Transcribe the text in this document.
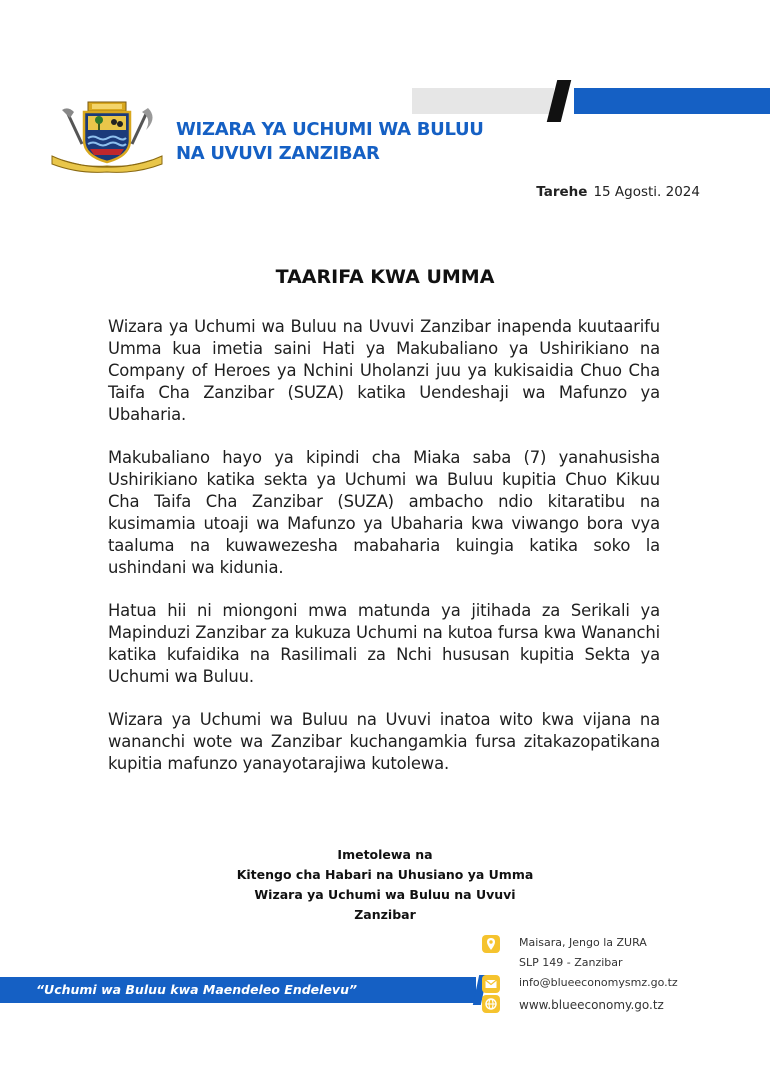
WIZARA YA UCHUMI WA BULUU
NA UVUVI ZANZIBAR
Tarehe 15 Agosti. 2024
TAARIFA KWA UMMA

Wizara ya Uchumi wa Buluu na Uvuvi Zanzibar inapenda kuutaarifu Umma kua imetia saini Hati ya Makubaliano ya Ushirikiano na Company of Heroes ya Nchini Uholanzi juu ya kukisaidia Chuo Cha Taifa Cha Zanzibar (SUZA) katika Uendeshaji wa Mafunzo ya Ubaharia.

Makubaliano hayo ya kipindi cha Miaka saba (7) yanahusisha Ushirikiano katika sekta ya Uchumi wa Buluu kupitia Chuo Kikuu Cha Taifa Cha Zanzibar (SUZA) ambacho ndio kitaratibu na kusimamia utoaji wa Mafunzo ya Ubaharia kwa viwango bora vya taaluma na kuwawezesha mabaharia kuingia katika soko la ushindani wa kidunia.

Hatua hii ni miongoni mwa matunda ya jitihada za Serikali ya Mapinduzi Zanzibar za kukuza Uchumi na kutoa fursa kwa Wananchi katika kufaidika na Rasilimali za Nchi hususan kupitia Sekta ya Uchumi wa Buluu.

Wizara ya Uchumi wa Buluu na Uvuvi inatoa wito kwa vijana na wananchi wote wa Zanzibar kuchangamkia fursa zitakazopatikana kupitia mafunzo yanayotarajiwa kutolewa.

Imetolewa na
Kitengo cha Habari na Uhusiano ya Umma
Wizara ya Uchumi wa Buluu na Uvuvi
Zanzibar
“Uchumi wa Buluu kwa Maendeleo Endelevu”
Maisara, Jengo la ZURA
SLP 149 - Zanzibar
info@blueeconomysmz.go.tz
www.blueeconomy.go.tz
